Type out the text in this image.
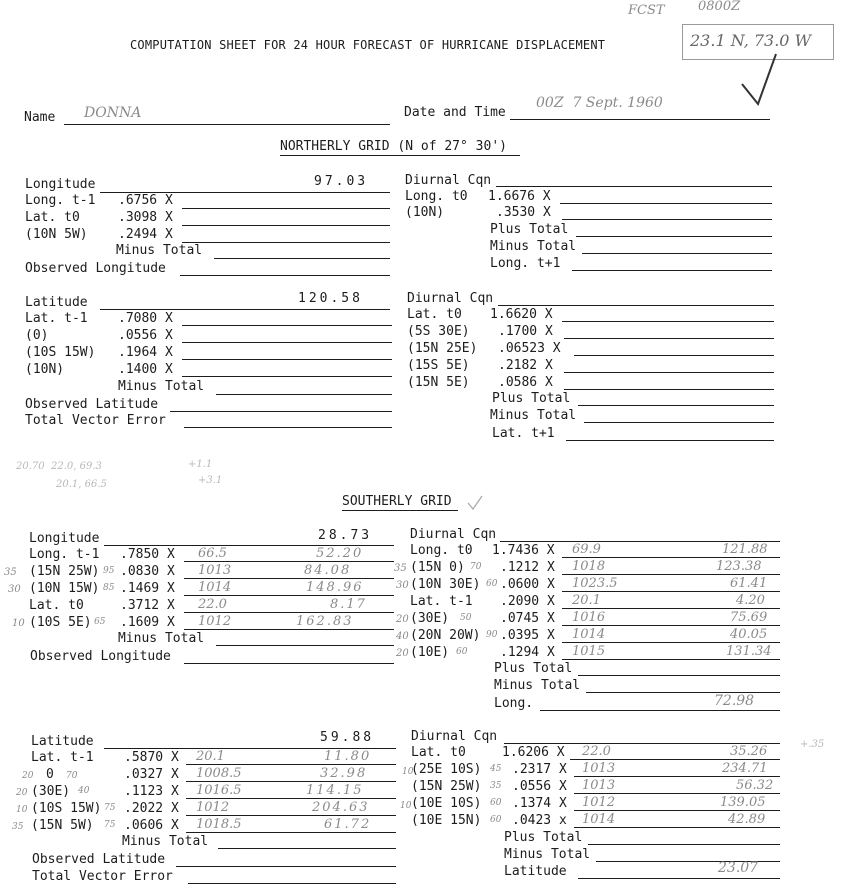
FCST	0800Z
23.1 N, 73.0 W
COMPUTATION SHEET FOR 24 HOUR FORECAST OF HURRICANE DISPLACEMENT
Name DONNA	Date and Time
00Z  7 Sept. 1960
NORTHERLY GRID (N of 27° 30')
Longitude	97.03
Long. t-1 .6756 X
Lat. t0	.3098 X
(10N 5W) .2494 X
Minus Total
Observed Longitude
Diurnal Cqn
Long. t0 1.6676 X
(10N)	.3530 X
Plus Total
Minus Total
Long. t+1
Latitude	120.58
Lat. t-1 .7080 X
(0)	.0556 X
(10S 15W) .1964 X
(10N)	.1400 X
Minus Total
Observed Latitude
Total Vector Error
Diurnal Cqn
Lat. t0 1.6620 X
(5S 30E) .1700 X
(15N 25E) .06523 X
(15S 5E) .2182 X
(15N 5E) .0586 X
Plus Total
Minus Total
Lat. t+1
20.70  22.0, 69.3
20.1, 66.5
+1.1
+3.1
SOUTHERLY GRID
Longitude	28.73
Long. t-1 .7850 X 66.5	52.20
35 (15N 25W) 95 .0830 X 1013	84.08
30 (10N 15W) 85 .1469 X 1014	148.96
Lat. t0	.3712 X 22.0	8.17
10 (10S 5E) 65 .1609 X 1012	162.83
Minus Total
Observed Longitude
Diurnal Cqn
Long. t0 1.7436 X 69.9	121.88
35 (15N 0) 70 .1212 X 1018	123.38
30 (10N 30E) 60 .0600 X 1023.5	61.41
Lat. t-1 .2090 X 20.1	4.20
20 (30E) 50 .0745 X 1016	75.69
40 (20N 20W) 90 .0395 X 1014	40.05
20 (10E) 60	.1294 X 1015	131.34
Plus Total
Minus Total
Long.	72.98
Latitude	59.88
Lat. t-1 .5870 X 20.1	11.80
20 0 70	.0327 X 1008.5	32.98
20 (30E) 40	.1123 X 1016.5	114.15
10 (10S 15W) 75 .2022 X 1012	204.63
35 (15N 5W) 75 .0606 X 1018.5	61.72
Minus Total
Observed Latitude
Total Vector Error
Diurnal Cqn
+.35
Lat. t0	1.6206 X 22.0	35.26
10
(25E 10S) 45 .2317 X 1013	234.71
(15N 25W) 35 .0556 X 1013	56.32
10 (10E 10S) 60 .1374 X 1012	139.05
(10E 15N) 60 .0423 x 1014	42.89
Plus Total
Minus Total
Latitude	23.07
